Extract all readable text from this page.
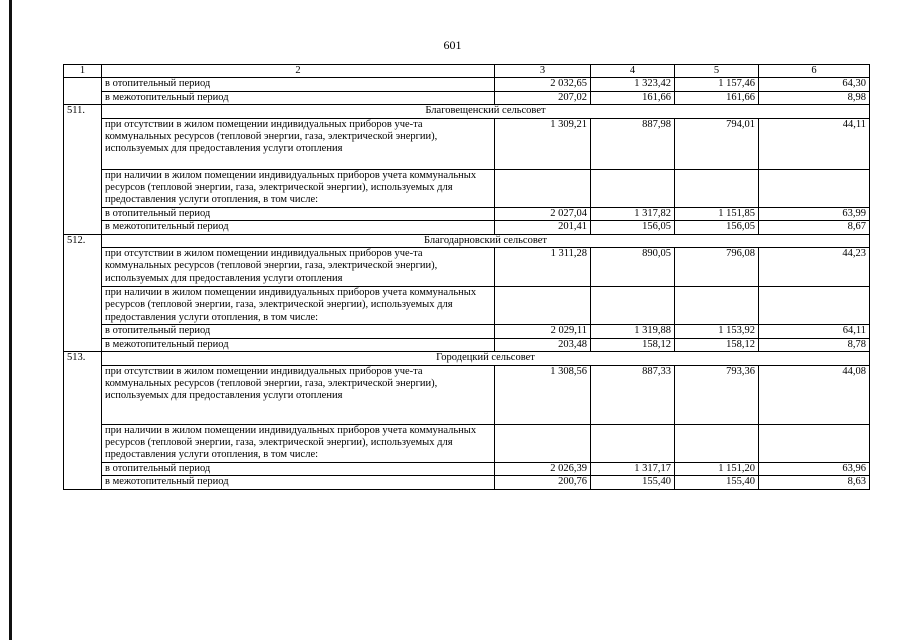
601
1	2	3	4	5	6
	в отопительный период	2 032,65	1 323,42	1 157,46	64,30
	в межотопительный период	207,02	161,66	161,66	8,98
511.	Благовещенский сельсовет				
	при отсутствии в жилом помещении индивидуальных приборов уче-та коммунальных ресурсов (тепловой энергии, газа, электрической энергии), используемых для предоставления услуги отопления	1 309,21	887,98	794,01	44,11
	при наличии в жилом помещении индивидуальных приборов учета коммунальных ресурсов (тепловой энергии, газа, электрической энергии), используемых для предоставления услуги отопления, в том числе:				
	в отопительный период	2 027,04	1 317,82	1 151,85	63,99
	в межотопительный период	201,41	156,05	156,05	8,67
512.	Благодарновский сельсовет				
	при отсутствии в жилом помещении индивидуальных приборов уче-та коммунальных ресурсов (тепловой энергии, газа, электрической энергии), используемых для предоставления услуги отопления	1 311,28	890,05	796,08	44,23
	при наличии в жилом помещении индивидуальных приборов учета коммунальных ресурсов (тепловой энергии, газа, электрической энергии), используемых для предоставления услуги отопления, в том числе:				
	в отопительный период	2 029,11	1 319,88	1 153,92	64,11
	в межотопительный период	203,48	158,12	158,12	8,78
513.	Городецкий сельсовет				
	при отсутствии в жилом помещении индивидуальных приборов уче-та коммунальных ресурсов (тепловой энергии, газа, электрической энергии), используемых для предоставления услуги отопления	1 308,56	887,33	793,36	44,08
	при наличии в жилом помещении индивидуальных приборов учета коммунальных ресурсов (тепловой энергии, газа, электрической энергии), используемых для предоставления услуги отопления, в том числе:				
	в отопительный период	2 026,39	1 317,17	1 151,20	63,96
	в межотопительный период	200,76	155,40	155,40	8,63
